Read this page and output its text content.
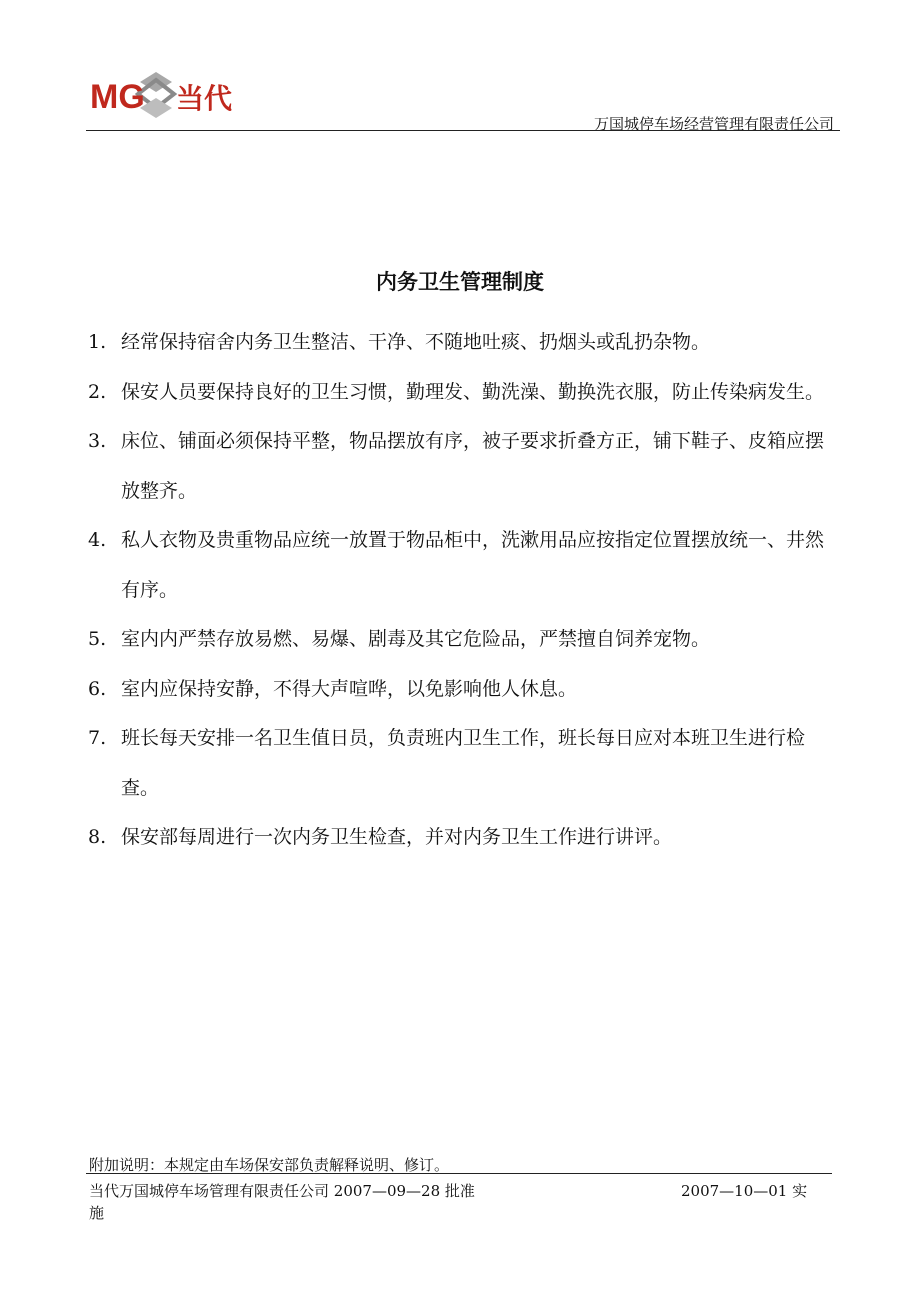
MG 当代
万国城停车场经营管理有限责任公司
内务卫生管理制度
1. 经常保持宿舍内务卫生整洁、干净、不随地吐痰、扔烟头或乱扔杂物。
2. 保安人员要保持良好的卫生习惯，勤理发、勤洗澡、勤换洗衣服，防止传染病发生。
3. 床位、铺面必须保持平整，物品摆放有序，被子要求折叠方正，铺下鞋子、皮箱应摆放整齐。
4. 私人衣物及贵重物品应统一放置于物品柜中，洗漱用品应按指定位置摆放统一、井然有序。
5. 室内内严禁存放易燃、易爆、剧毒及其它危险品，严禁擅自饲养宠物。
6. 室内应保持安静，不得大声喧哗，以免影响他人休息。
7. 班长每天安排一名卫生值日员，负责班内卫生工作，班长每日应对本班卫生进行检查。
8. 保安部每周进行一次内务卫生检查，并对内务卫生工作进行讲评。
附加说明：本规定由车场保安部负责解释说明、修订。
当代万国城停车场管理有限责任公司 2007—09—28 批准	2007—10—01 实
施
